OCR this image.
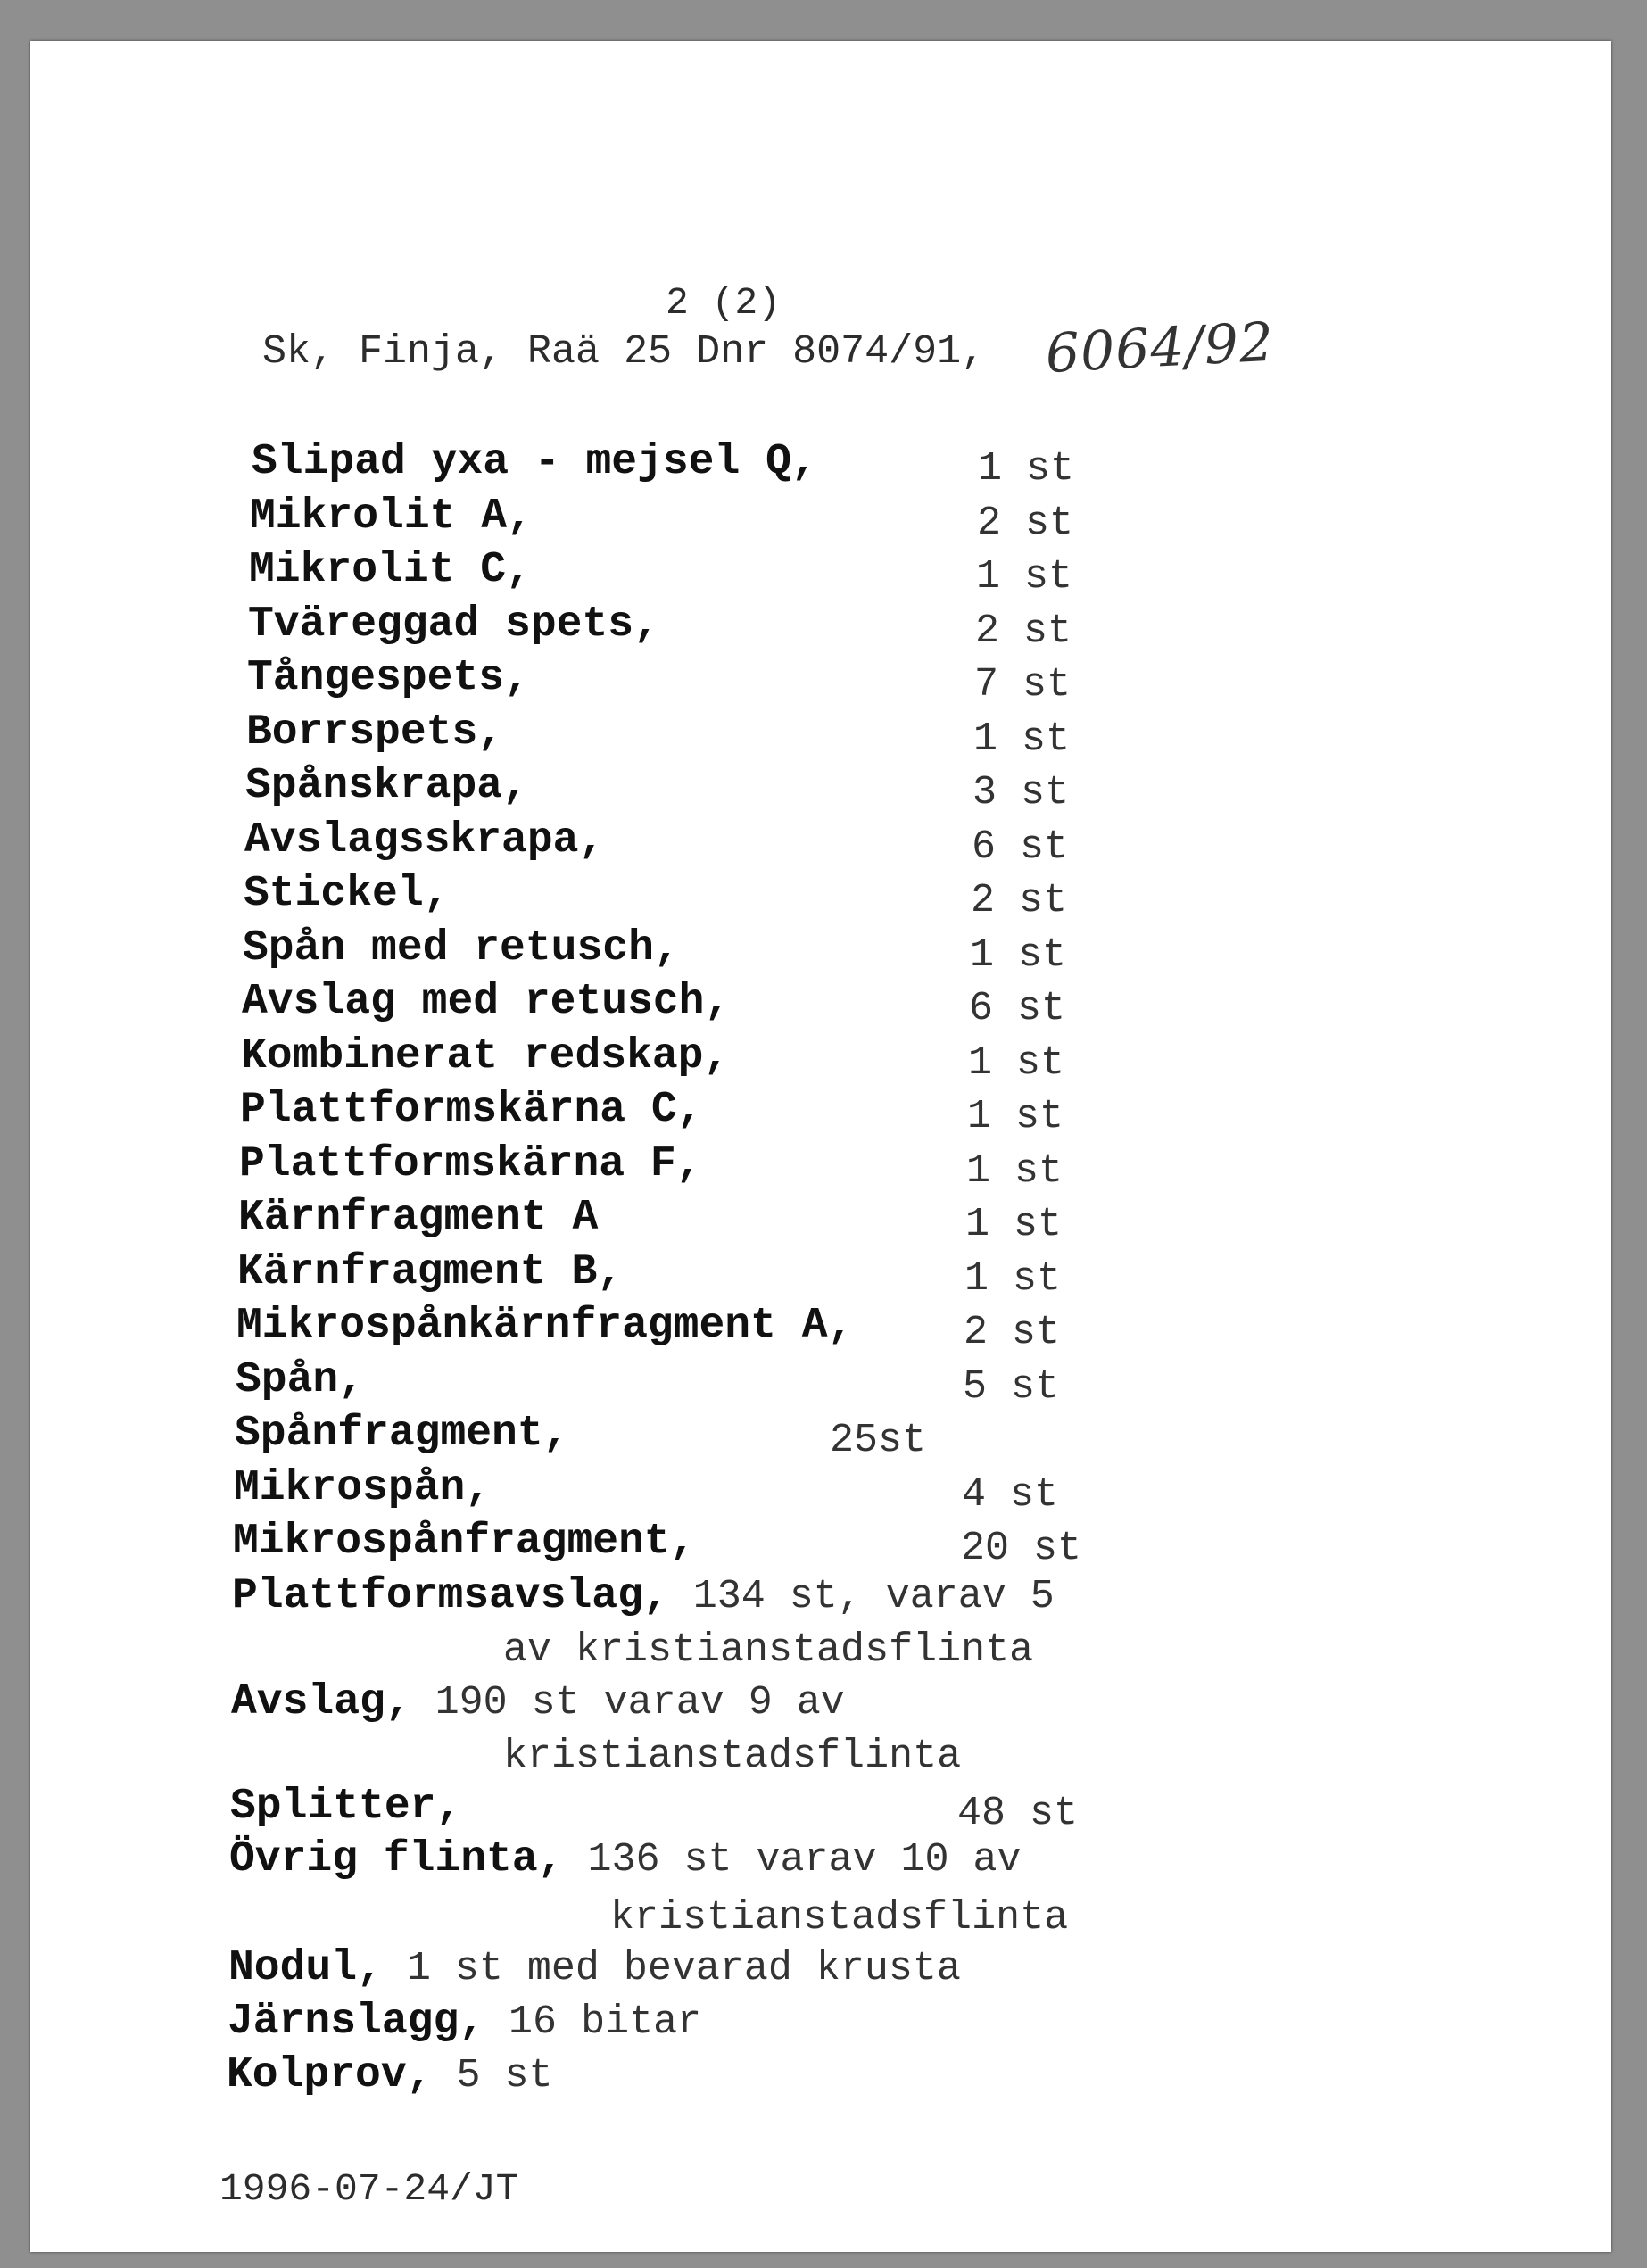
2 (2)
Sk, Finja, Raä 25 Dnr 8074/91, 6064/92
Slipad yxa - mejsel Q,	1 st
Mikrolit A,	2 st
Mikrolit C,	1 st
Tväreggad spets,	2 st
Tångespets,	7 st
Borrspets,	1 st
Spånskrapa,	3 st
Avslagsskrapa,	6 st
Stickel,	2 st
Spån med retusch,	1 st
Avslag med retusch,	6 st
Kombinerat redskap,	1 st
Plattformskärna C,	1 st
Plattformskärna F,	1 st
Kärnfragment A	1 st
Kärnfragment B,	1 st
Mikrospånkärnfragment A,	2 st
Spån,	5 st
Spånfragment,	25st
Mikrospån,	4 st
Mikrospånfragment,	20 st
Plattformsavslag, 134 st, varav 5
av kristianstadsflinta
Avslag, 190 st varav 9 av
kristianstadsflinta
Splitter,	48 st
Övrig flinta, 136 st varav 10 av
kristianstadsflinta
Nodul, 1 st med bevarad krusta
Järnslagg, 16 bitar
Kolprov, 5 st
1996-07-24/JT
